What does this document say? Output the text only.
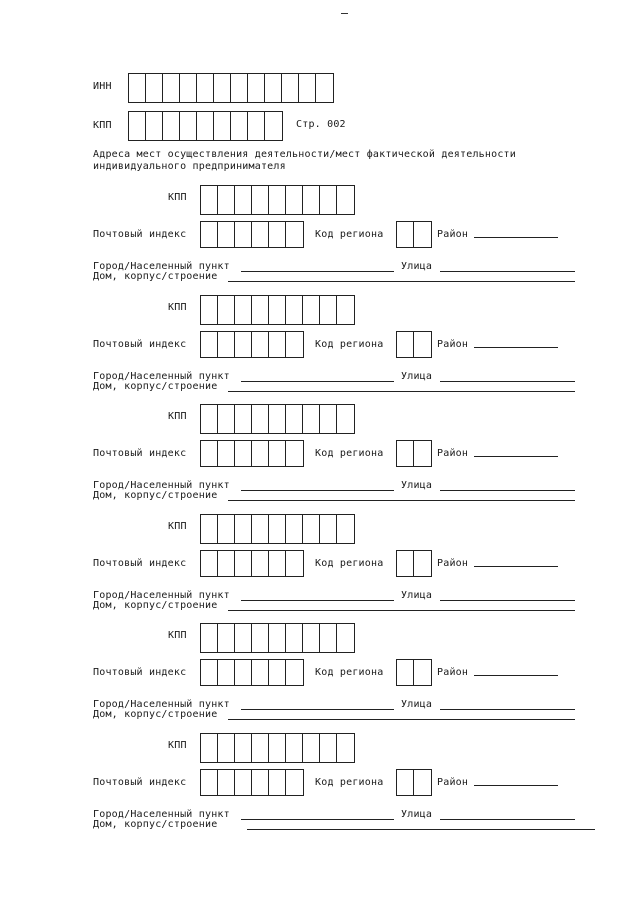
ИНН
КПП	Стр. 002
Адреса мест осуществления деятельности/мест фактической деятельности
индивидуального предпринимателя
КПП
Почтовый индекс	Код региона	Район
Город/Населенный пункт	Улица
Дом, корпус/строение
КПП
Почтовый индекс	Код региона	Район
Город/Населенный пункт	Улица
Дом, корпус/строение
КПП
Почтовый индекс	Код региона	Район
Город/Населенный пункт	Улица
Дом, корпус/строение
КПП
Почтовый индекс	Код региона	Район
Город/Населенный пункт	Улица
Дом, корпус/строение
КПП
Почтовый индекс	Код региона	Район
Город/Населенный пункт	Улица
Дом, корпус/строение
КПП
Почтовый индекс	Код региона	Район
Город/Населенный пункт	Улица
Дом, корпус/строение
